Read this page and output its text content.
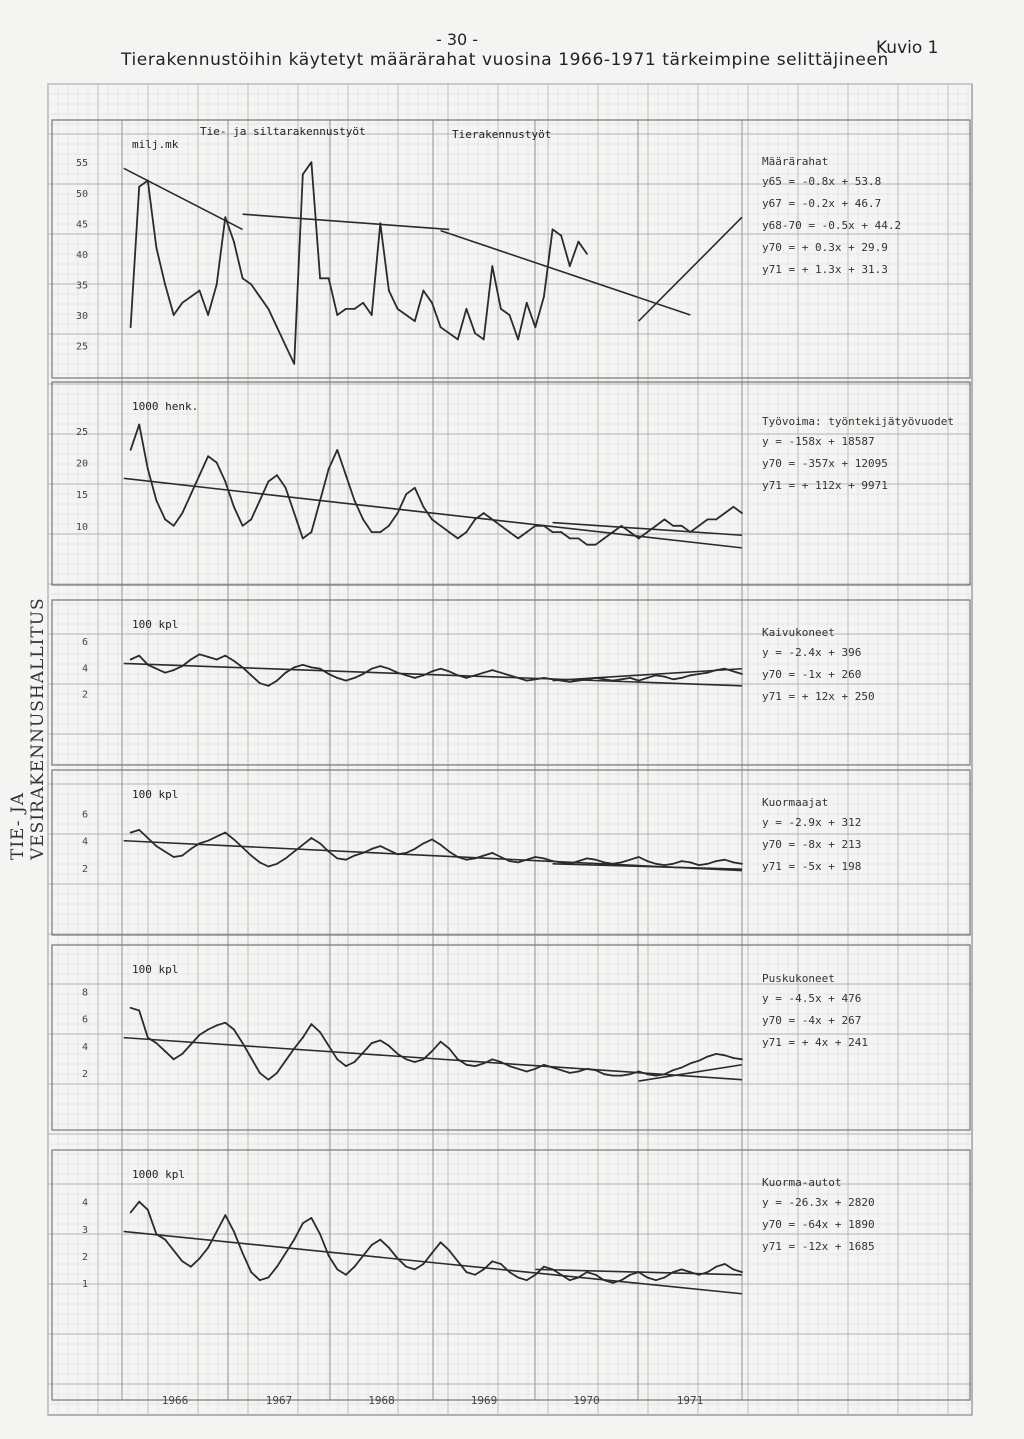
- 30 -	Kuvio 1
Tierakennustöihin käytetyt määrärahat vuosina 1966-1971 tärkeimpine selittäjineen
TIE- JA VESIRAKENNUSHALLITUS
25
30
35
40
45
50
55
milj.mk
Tie- ja siltarakennustyöt	Tierakennustyöt
Määrärahat
y65 = -0.8x + 53.8
y67 = -0.2x + 46.7
y68-70 = -0.5x + 44.2
y70 = + 0.3x + 29.9
y71 = + 1.3x + 31.3
10
15
20
25
1000 henk.
Työvoima: työntekijätyövuodet
y = -158x + 18587
y70 = -357x + 12095
y71 = + 112x + 9971
2
4
6
100 kpl
Kaivukoneet
y = -2.4x + 396
y70 = -1x + 260
y71 = + 12x + 250
2
4
6
100 kpl
Kuormaajat
y = -2.9x + 312
y70 = -8x + 213
y71 = -5x + 198
2
4
6
8
100 kpl
Puskukoneet
y = -4.5x + 476
y70 = -4x + 267
y71 = + 4x + 241
1
2
3
4
1000 kpl
Kuorma-autot
y = -26.3x + 2820
y70 = -64x + 1890
y71 = -12x + 1685
1966	1967	1968	1969	1970	1971
